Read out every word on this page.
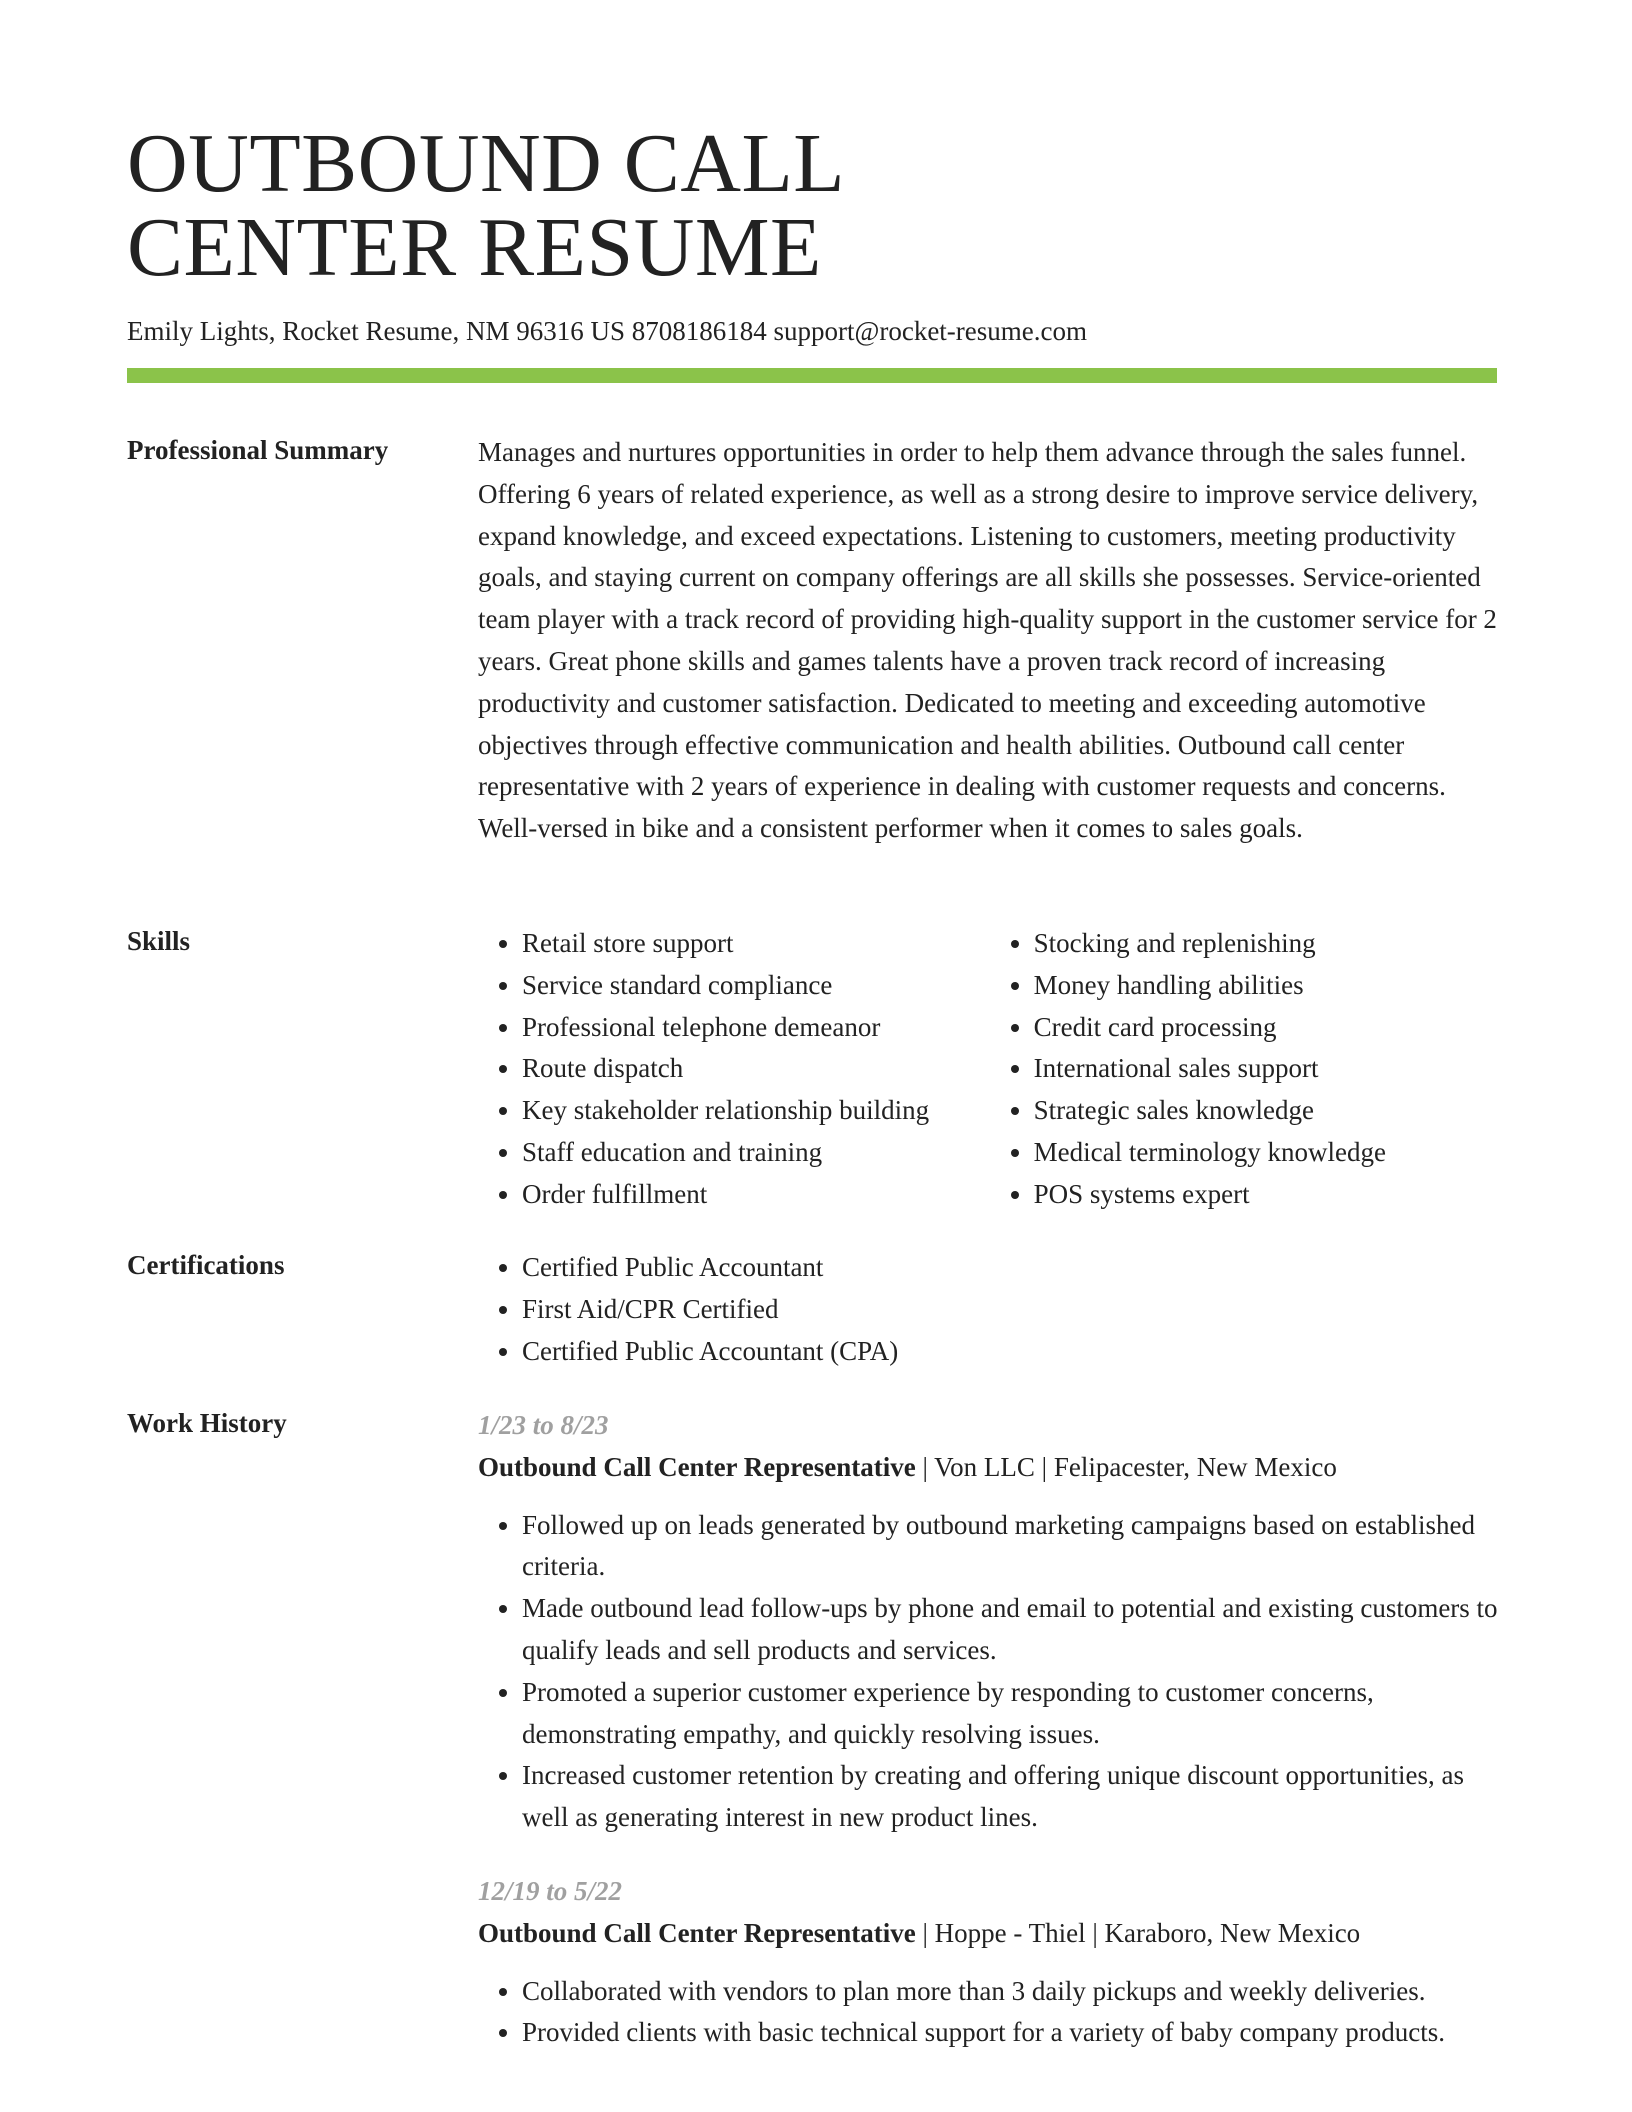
OUTBOUND CALL
CENTER RESUME
Emily Lights, Rocket Resume, NM 96316 US 8708186184 support@rocket-resume.com
Professional Summary	Manages and nurtures opportunities in order to help them advance through the sales funnel. Offering 6 years of related experience, as well as a strong desire to improve service delivery, expand knowledge, and exceed expectations. Listening to customers, meeting productivity goals, and staying current on company offerings are all skills she possesses. Service-oriented team player with a track record of providing high-quality support in the customer service for 2 years. Great phone skills and games talents have a proven track record of increasing productivity and customer satisfaction. Dedicated to meeting and exceeding automotive objectives through effective communication and health abilities. Outbound call center representative with 2 years of experience in dealing with customer requests and concerns. Well-versed in bike and a consistent performer when it comes to sales goals.
Skills	• Retail store support
• Service standard compliance
• Professional telephone demeanor
• Route dispatch
• Key stakeholder relationship building
• Staff education and training
• Order fulfillment
• Stocking and replenishing
• Money handling abilities
• Credit card processing
• International sales support
• Strategic sales knowledge
• Medical terminology knowledge
• POS systems expert
Certifications	• Certified Public Accountant
• First Aid/CPR Certified
• Certified Public Accountant (CPA)
Work History	1/23 to 8/23
Outbound Call Center Representative | Von LLC | Felipacester, New Mexico
• Followed up on leads generated by outbound marketing campaigns based on established criteria.
• Made outbound lead follow-ups by phone and email to potential and existing customers to qualify leads and sell products and services.
• Promoted a superior customer experience by responding to customer concerns, demonstrating empathy, and quickly resolving issues.
• Increased customer retention by creating and offering unique discount opportunities, as well as generating interest in new product lines.
12/19 to 5/22
Outbound Call Center Representative | Hoppe - Thiel | Karaboro, New Mexico
• Collaborated with vendors to plan more than 3 daily pickups and weekly deliveries.
• Provided clients with basic technical support for a variety of baby company products.
